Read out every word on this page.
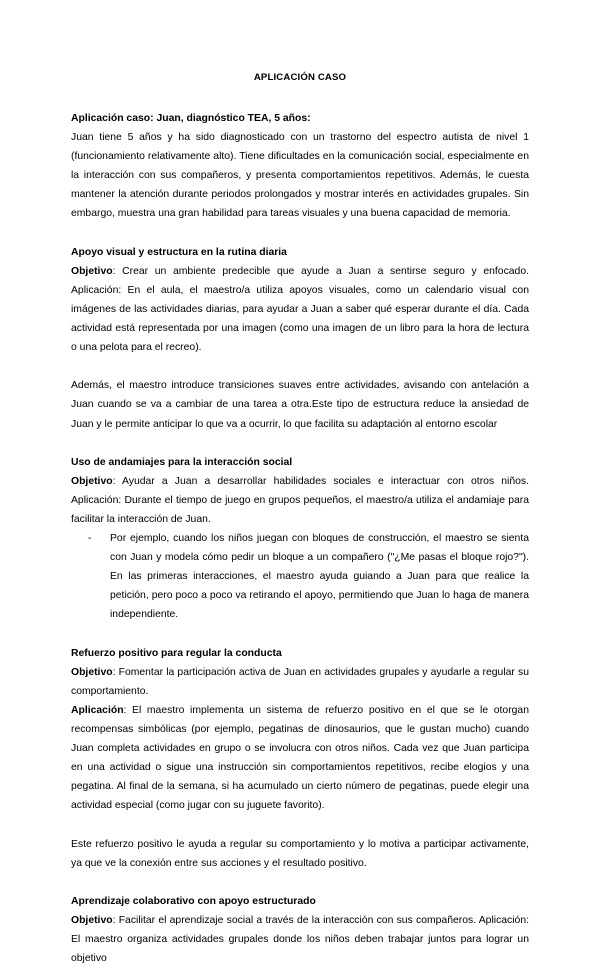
APLICACIÓN CASO

Aplicación caso: Juan, diagnóstico TEA, 5 años:

Juan tiene 5 años y ha sido diagnosticado con un trastorno del espectro autista de nivel 1 (funcionamiento relativamente alto). Tiene dificultades en la comunicación social, especialmente en la interacción con sus compañeros, y presenta comportamientos repetitivos. Además, le cuesta mantener la atención durante periodos prolongados y mostrar interés en actividades grupales. Sin embargo, muestra una gran habilidad para tareas visuales y una buena capacidad de memoria.

Apoyo visual y estructura en la rutina diaria

Objetivo: Crear un ambiente predecible que ayude a Juan a sentirse seguro y enfocado. Aplicación: En el aula, el maestro/a utiliza apoyos visuales, como un calendario visual con imágenes de las actividades diarias, para ayudar a Juan a saber qué esperar durante el día. Cada actividad está representada por una imagen (como una imagen de un libro para la hora de lectura o una pelota para el recreo).

Además, el maestro introduce transiciones suaves entre actividades, avisando con antelación a Juan cuando se va a cambiar de una tarea a otra.Este tipo de estructura reduce la ansiedad de Juan y le permite anticipar lo que va a ocurrir, lo que facilita su adaptación al entorno escolar

Uso de andamiajes para la interacción social

Objetivo: Ayudar a Juan a desarrollar habilidades sociales e interactuar con otros niños. Aplicación: Durante el tiempo de juego en grupos pequeños, el maestro/a utiliza el andamiaje para facilitar la interacción de Juan.

- Por ejemplo, cuando los niños juegan con bloques de construcción, el maestro se sienta con Juan y modela cómo pedir un bloque a un compañero ("¿Me pasas el bloque rojo?"). En las primeras interacciones, el maestro ayuda guiando a Juan para que realice la petición, pero poco a poco va retirando el apoyo, permitiendo que Juan lo haga de manera independiente.

Refuerzo positivo para regular la conducta

Objetivo: Fomentar la participación activa de Juan en actividades grupales y ayudarle a regular su comportamiento.

Aplicación: El maestro implementa un sistema de refuerzo positivo en el que se le otorgan recompensas simbólicas (por ejemplo, pegatinas de dinosaurios, que le gustan mucho) cuando Juan completa actividades en grupo o se involucra con otros niños. Cada vez que Juan participa en una actividad o sigue una instrucción sin comportamientos repetitivos, recibe elogios y una pegatina. Al final de la semana, si ha acumulado un cierto número de pegatinas, puede elegir una actividad especial (como jugar con su juguete favorito).

Este refuerzo positivo le ayuda a regular su comportamiento y lo motiva a participar activamente, ya que ve la conexión entre sus acciones y el resultado positivo.

Aprendizaje colaborativo con apoyo estructurado

Objetivo: Facilitar el aprendizaje social a través de la interacción con sus compañeros. Aplicación: El maestro organiza actividades grupales donde los niños deben trabajar juntos para lograr un objetivo
